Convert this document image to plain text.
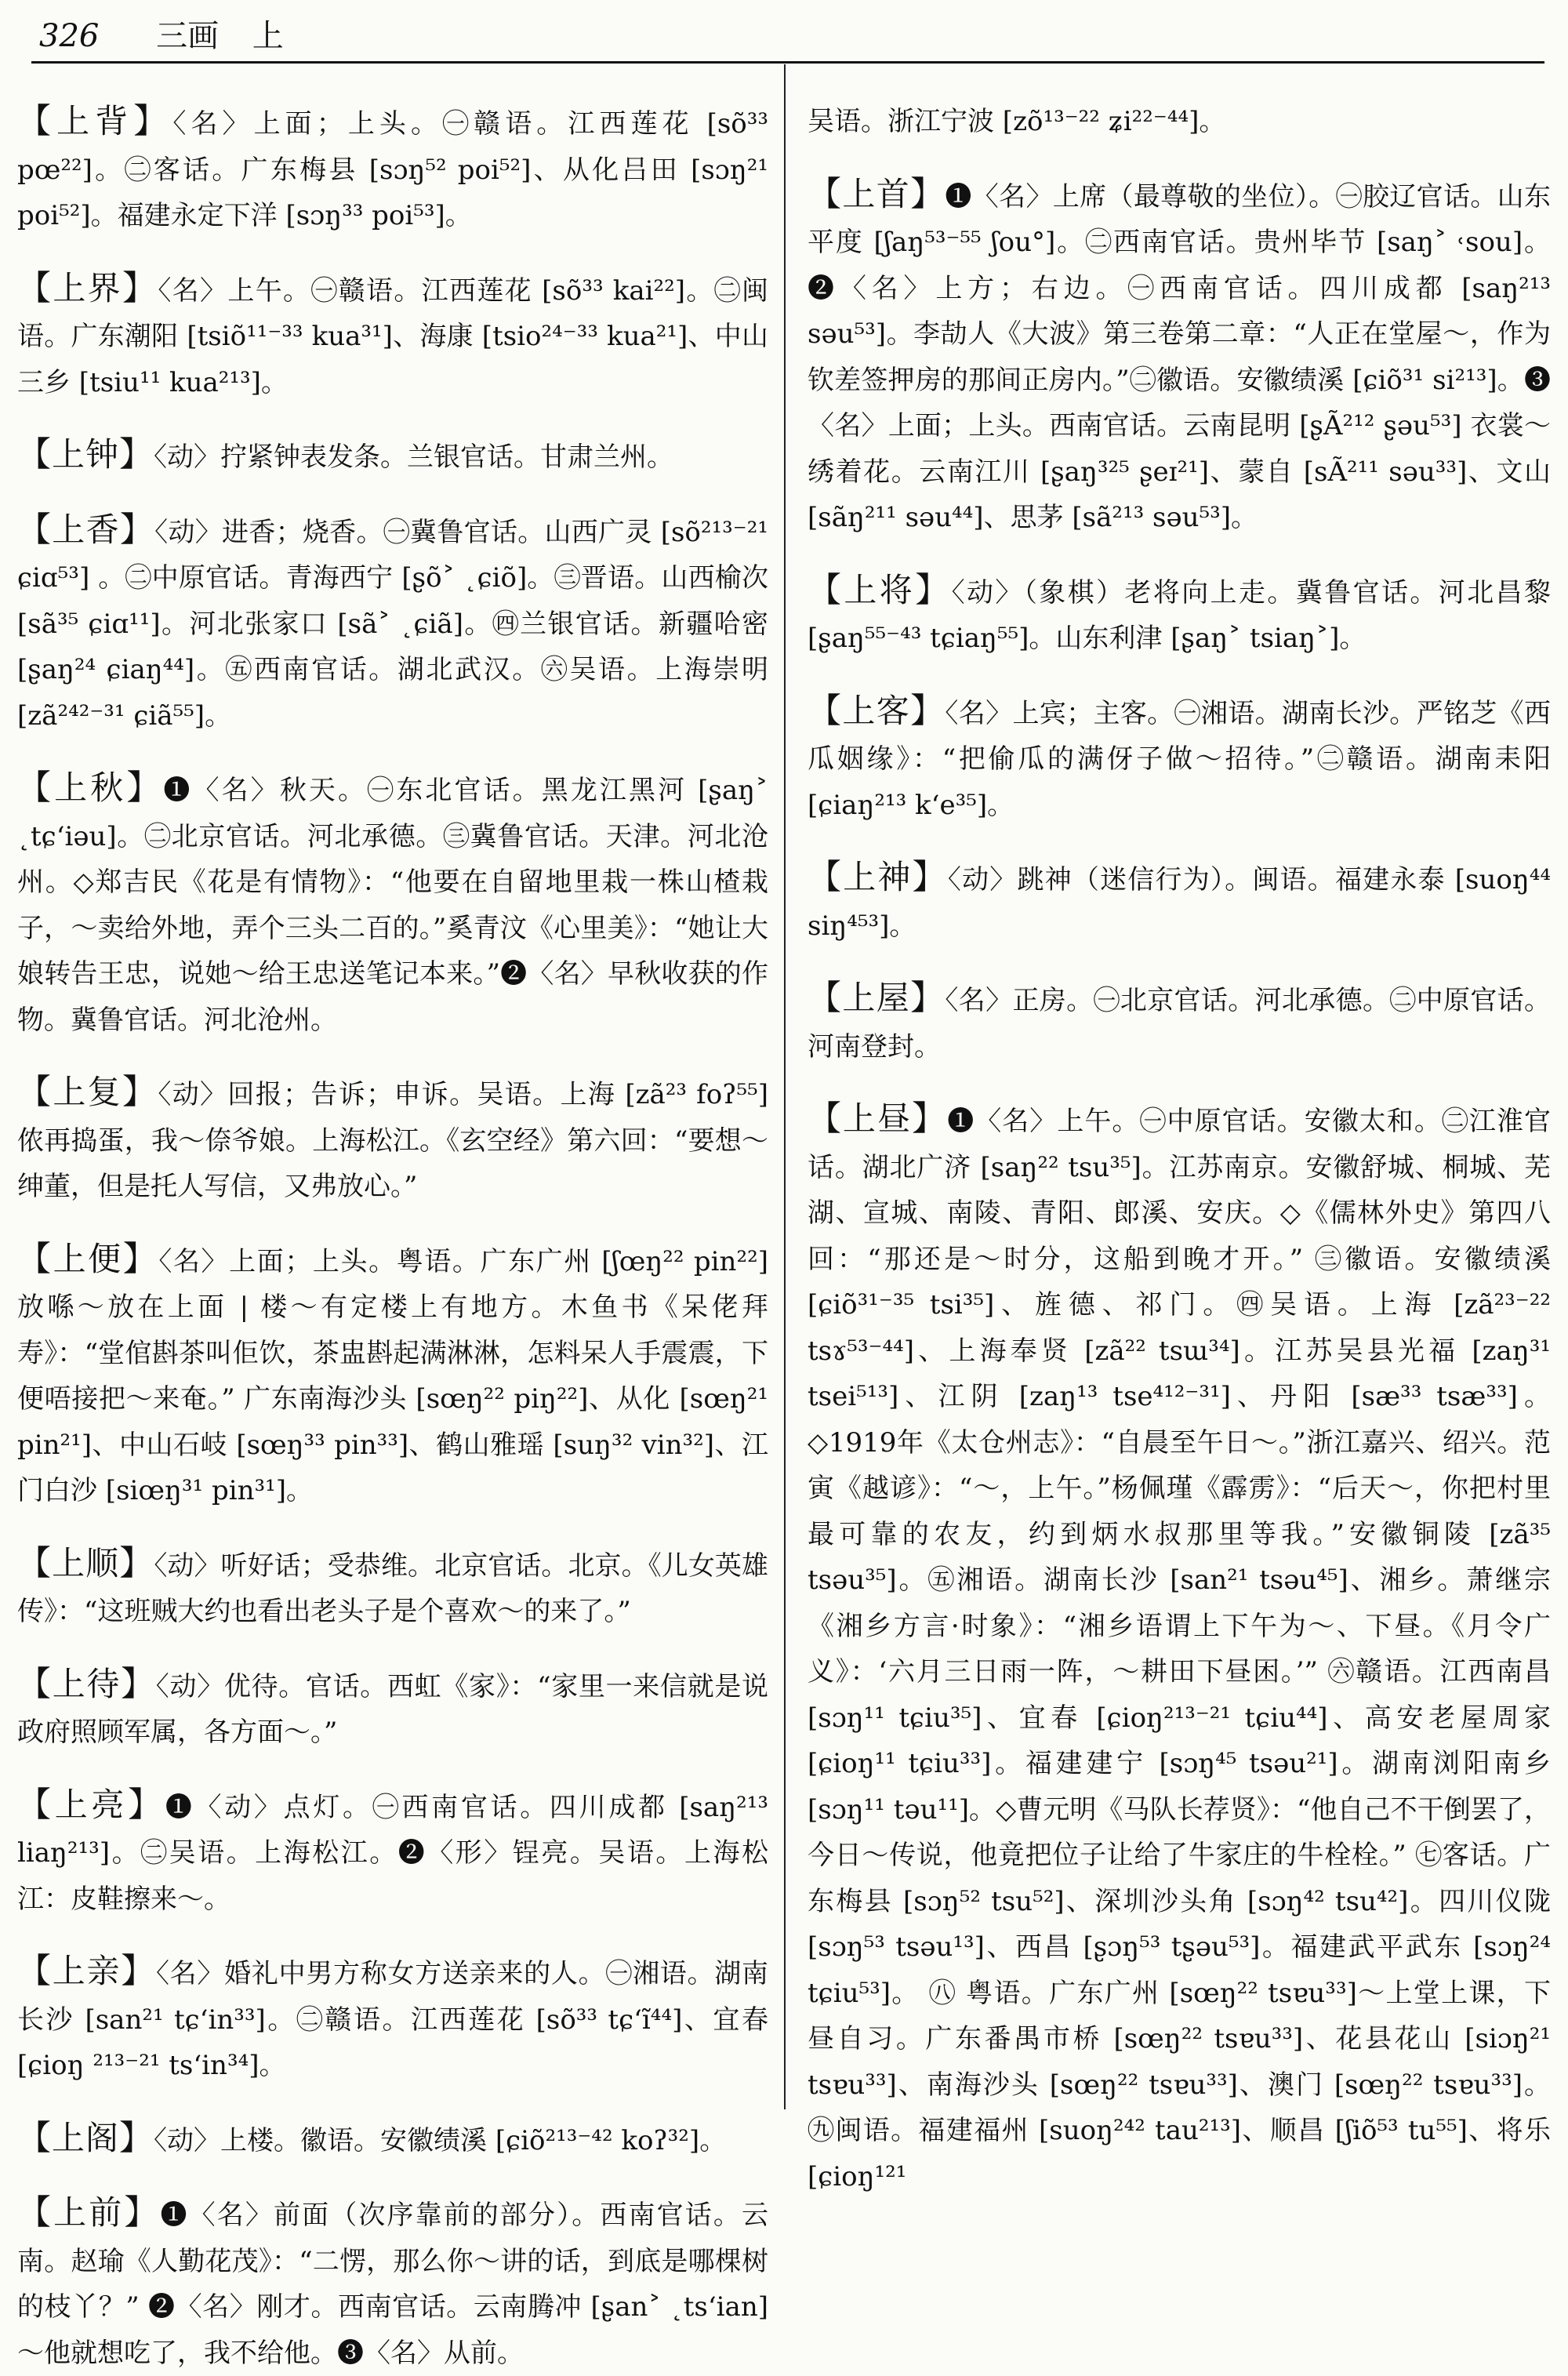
326 三画 上

【上背】〈名〉上面；上头。㊀赣语。江西莲花 [sõ³³ pœ²²]。㊁客话。广东梅县 [sɔŋ⁵² poi⁵²]、从化吕田 [sɔŋ²¹ poi⁵²]。福建永定下洋 [sɔŋ³³ poi⁵³]。

【上界】〈名〉上午。㊀赣语。江西莲花 [sõ³³ kai²²]。㊁闽语。广东潮阳 [tsiõ¹¹⁻³³ kua³¹]、海康 [tsio²⁴⁻³³ kua²¹]、中山三乡 [tsiu¹¹ kua²¹³]。

【上钟】〈动〉拧紧钟表发条。兰银官话。甘肃兰州。

【上香】〈动〉进香；烧香。㊀冀鲁官话。山西广灵 [sõ²¹³⁻²¹ ɕiɑ⁵³] 。㊁中原官话。青海西宁 [ʂõ˃ ˛ɕiõ]。㊂晋语。山西榆次 [sã³⁵ ɕiɑ¹¹]。河北张家口 [sã˃ ˛ɕiã]。㊃兰银官话。新疆哈密 [ʂaŋ²⁴ ɕiaŋ⁴⁴]。㊄西南官话。湖北武汉。㊅吴语。上海崇明 [zã²⁴²⁻³¹ ɕiã⁵⁵]。

【上秋】❶〈名〉秋天。㊀东北官话。黑龙江黑河 [ʂaŋ˃ ˛tɕʻiəu]。㊁北京官话。河北承德。㊂冀鲁官话。天津。河北沧州。◇郑吉民《花是有情物》：“他要在自留地里栽一株山楂栽子，～卖给外地，弄个三头二百的。”奚青汶《心里美》：“她让大娘转告王忠，说她～给王忠送笔记本来。”❷〈名〉早秋收获的作物。冀鲁官话。河北沧州。

【上复】〈动〉回报；告诉；申诉。吴语。上海 [zã²³ foʔ⁵⁵] 侬再捣蛋，我～倷爷娘。上海松江。《玄空经》第六回：“要想～绅董，但是托人写信，又弗放心。”

【上便】〈名〉上面；上头。粤语。广东广州 [ʃœŋ²² pin²²] 放喺～放在上面 | 楼～有定楼上有地方。木鱼书《呆佬拜寿》：“堂倌斟茶叫佢饮，茶盅斟起满淋淋，怎料呆人手震震，下便唔接把～来奄。” 广东南海沙头 [sœŋ²² piŋ²²]、从化 [sœŋ²¹ pin²¹]、中山石岐 [sœŋ³³ pin³³]、鹤山雅瑶 [suŋ³² vin³²]、江门白沙 [siœŋ³¹ pin³¹]。

【上顺】〈动〉听好话；受恭维。北京官话。北京。《儿女英雄传》：“这班贼大约也看出老头子是个喜欢～的来了。”

【上待】〈动〉优待。官话。西虹《家》：“家里一来信就是说政府照顾军属，各方面～。”

【上亮】❶〈动〉点灯。㊀西南官话。四川成都 [saŋ²¹³ liaŋ²¹³]。㊁吴语。上海松江。❷〈形〉锃亮。吴语。上海松江：皮鞋擦来～。

【上亲】〈名〉婚礼中男方称女方送亲来的人。㊀湘语。湖南长沙 [san²¹ tɕʻin³³]。㊁赣语。江西莲花 [sõ³³ tɕʻĩ⁴⁴]、宜春 [ɕioŋ ²¹³⁻²¹ tsʻin³⁴]。

【上阁】〈动〉上楼。徽语。安徽绩溪 [ɕiõ²¹³⁻⁴² koʔ³²]。

【上前】❶〈名〉前面（次序靠前的部分）。西南官话。云南。赵瑜《人勤花茂》：“二愣，那么你～讲的话，到底是哪棵树的枝丫？” ❷〈名〉刚才。西南官话。云南腾冲 [ʂan˃ ˛tsʻian]～他就想吃了，我不给他。❸〈名〉从前。

吴语。浙江宁波 [zõ¹³⁻²² ʑi²²⁻⁴⁴]。

【上首】❶〈名〉上席（最尊敬的坐位）。㊀胶辽官话。山东平度 [ʃaŋ⁵³⁻⁵⁵ ʃou°]。㊁西南官话。贵州毕节 [saŋ˃ ˓sou]。 ❷〈名〉上方；右边。㊀西南官话。四川成都 [saŋ²¹³ səu⁵³]。李劼人《大波》第三卷第二章：“人正在堂屋～，作为钦差签押房的那间正房内。”㊁徽语。安徽绩溪 [ɕiõ³¹ si²¹³]。❸〈名〉上面；上头。西南官话。云南昆明 [ʂÃ²¹² ʂəu⁵³] 衣裳～绣着花。云南江川 [ʂaŋ³²⁵ ʂeɪ²¹]、蒙自 [sÃ²¹¹ səu³³]、文山 [sãŋ²¹¹ səu⁴⁴]、思茅 [sã²¹³ səu⁵³]。

【上将】〈动〉（象棋）老将向上走。冀鲁官话。河北昌黎 [ʂaŋ⁵⁵⁻⁴³ tɕiaŋ⁵⁵]。山东利津 [ʂaŋ˃ tsiaŋ˃]。

【上客】〈名〉上宾；主客。㊀湘语。湖南长沙。严铭芝《西瓜姻缘》：“把偷瓜的满伢子做～招待。”㊁赣语。湖南耒阳 [ɕiaŋ²¹³ kʻe³⁵]。

【上神】〈动〉跳神（迷信行为）。闽语。福建永泰 [suoŋ⁴⁴ siŋ⁴⁵³]。

【上屋】〈名〉正房。㊀北京官话。河北承德。㊁中原官话。河南登封。

【上昼】❶〈名〉上午。㊀中原官话。安徽太和。㊁江淮官话。湖北广济 [saŋ²² tsu³⁵]。江苏南京。安徽舒城、桐城、芜湖、宣城、南陵、青阳、郎溪、安庆。◇《儒林外史》第四八回：“那还是～时分，这船到晚才开。” ㊂徽语。安徽绩溪 [ɕiõ³¹⁻³⁵ tsi³⁵]、旌德、祁门。㊃吴语。上海 [zã²³⁻²² tsɤ⁵³⁻⁴⁴]、上海奉贤 [zã²² tsɯ³⁴]。江苏吴县光福 [zaŋ³¹ tsei⁵¹³]、江阴 [zaŋ¹³ tse⁴¹²⁻³¹]、丹阳 [sæ³³ tsæ³³]。◇1919年《太仓州志》：“自晨至午日～。”浙江嘉兴、绍兴。范寅《越谚》：“～，上午。”杨佩瑾《霹雳》：“后天～，你把村里最可靠的农友，约到炳水叔那里等我。”安徽铜陵 [zã³⁵ tsəu³⁵]。㊄湘语。湖南长沙 [san²¹ tsəu⁴⁵]、湘乡。萧继宗《湘乡方言·时象》：“湘乡语谓上下午为～、下昼。《月令广义》：‘六月三日雨一阵，～耕田下昼困。’” ㊅赣语。江西南昌 [sɔŋ¹¹ tɕiu³⁵]、宜春 [ɕioŋ²¹³⁻²¹ tɕiu⁴⁴]、高安老屋周家 [ɕioŋ¹¹ tɕiu³³]。福建建宁 [sɔŋ⁴⁵ tsəu²¹]。湖南浏阳南乡 [sɔŋ¹¹ təu¹¹]。◇曹元明《马队长荐贤》：“他自己不干倒罢了，今日～传说，他竟把位子让给了牛家庄的牛栓栓。” ㊆客话。广东梅县 [sɔŋ⁵² tsu⁵²]、深圳沙头角 [sɔŋ⁴² tsu⁴²]。四川仪陇 [sɔŋ⁵³ tsəu¹³]、西昌 [ʂɔŋ⁵³ tʂəu⁵³]。福建武平武东 [sɔŋ²⁴ tɕiu⁵³]。 ㊇ 粤语。广东广州 [sœŋ²² tsɐu³³]～上堂上课，下昼自习。广东番禺市桥 [sœŋ²² tsɐu³³]、花县花山 [siɔŋ²¹ tsɐu³³]、南海沙头 [sœŋ²² tsɐu³³]、澳门 [sœŋ²² tsɐu³³]。㊈闽语。福建福州 [suoŋ²⁴² tau²¹³]、顺昌 [ʃiõ⁵³ tu⁵⁵]、将乐 [ɕioŋ¹²¹
